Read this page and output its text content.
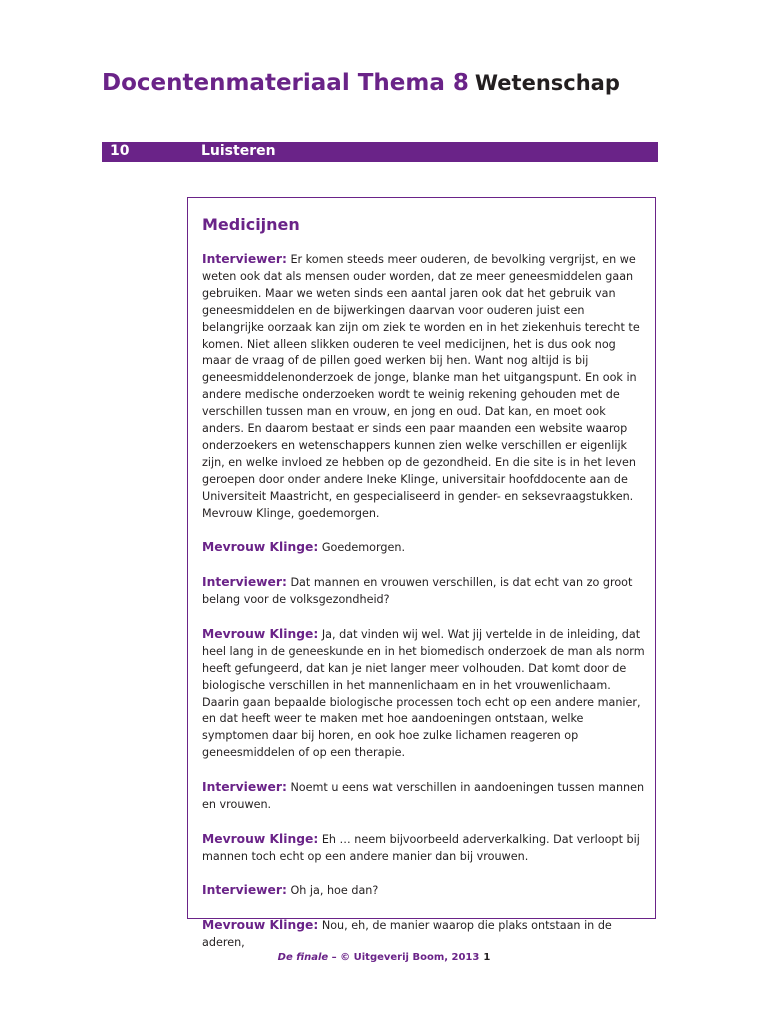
Docentenmateriaal Thema 8 Wetenschap
10	Luisteren
Medicijnen

Interviewer: Er komen steeds meer ouderen, de bevolking vergrijst, en we weten ook dat als mensen ouder worden, dat ze meer geneesmiddelen gaan gebruiken. Maar we weten sinds een aantal jaren ook dat het gebruik van geneesmiddelen en de bijwerkingen daarvan voor ouderen juist een belangrijke oorzaak kan zijn om ziek te worden en in het ziekenhuis terecht te komen. Niet alleen slikken ouderen te veel medicijnen, het is dus ook nog maar de vraag of de pillen goed werken bij hen. Want nog altijd is bij geneesmiddelenonderzoek de jonge, blanke man het uitgangspunt. En ook in andere medische onderzoeken wordt te weinig rekening gehouden met de verschillen tussen man en vrouw, en jong en oud. Dat kan, en moet ook anders. En daarom bestaat er sinds een paar maanden een website waarop onderzoekers en wetenschappers kunnen zien welke verschillen er eigenlijk zijn, en welke invloed ze hebben op de gezondheid. En die site is in het leven geroepen door onder andere Ineke Klinge, universitair hoofddocente aan de Universiteit Maastricht, en gespecialiseerd in gender- en seksevraagstukken. Mevrouw Klinge, goedemorgen.

Mevrouw Klinge: Goedemorgen.

Interviewer: Dat mannen en vrouwen verschillen, is dat echt van zo groot belang voor de volksgezondheid?

Mevrouw Klinge: Ja, dat vinden wij wel. Wat jij vertelde in de inleiding, dat heel lang in de geneeskunde en in het biomedisch onderzoek de man als norm heeft gefungeerd, dat kan je niet langer meer volhouden. Dat komt door de biologische verschillen in het mannenlichaam en in het vrouwenlichaam. Daarin gaan bepaalde biologische processen toch echt op een andere manier, en dat heeft weer te maken met hoe aandoeningen ontstaan, welke symptomen daar bij horen, en ook hoe zulke lichamen reageren op geneesmiddelen of op een therapie.

Interviewer: Noemt u eens wat verschillen in aandoeningen tussen mannen en vrouwen.

Mevrouw Klinge: Eh … neem bijvoorbeeld aderverkalking. Dat verloopt bij mannen toch echt op een andere manier dan bij vrouwen.

Interviewer: Oh ja, hoe dan?

Mevrouw Klinge: Nou, eh, de manier waarop die plaks ontstaan in de aderen,

De finale – © Uitgeverij Boom, 2013 1
